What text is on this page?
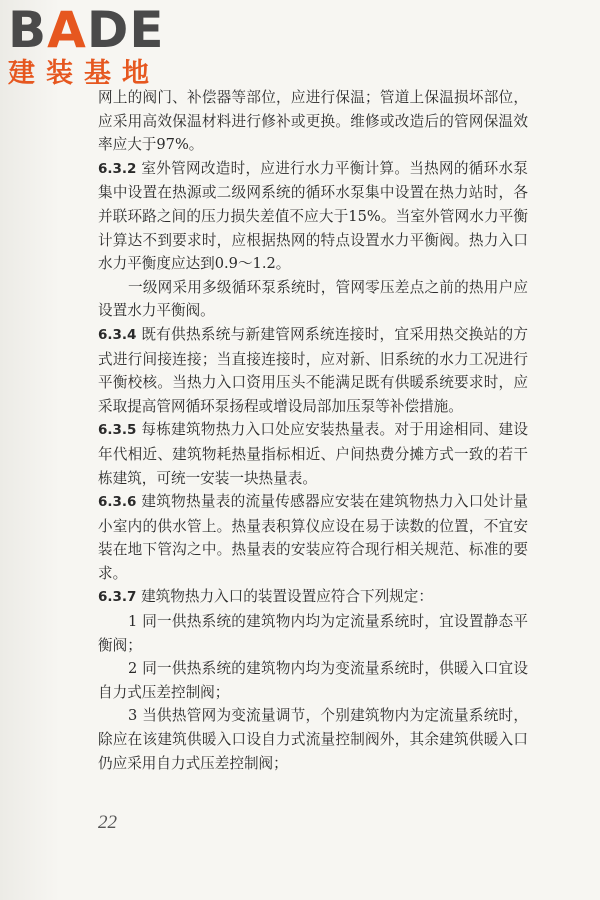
BADE
建装基地

网上的阀门、补偿器等部位，应进行保温；管道上保温损坏部位，应采用高效保温材料进行修补或更换。维修或改造后的管网保温效率应大于97%。

6.3.2 室外管网改造时，应进行水力平衡计算。当热网的循环水泵集中设置在热源或二级网系统的循环水泵集中设置在热力站时，各并联环路之间的压力损失差值不应大于15%。当室外管网水力平衡计算达不到要求时，应根据热网的特点设置水力平衡阀。热力入口水力平衡度应达到0.9～1.2。

一级网采用多级循环泵系统时，管网零压差点之前的热用户应设置水力平衡阀。

6.3.4 既有供热系统与新建管网系统连接时，宜采用热交换站的方式进行间接连接；当直接连接时，应对新、旧系统的水力工况进行平衡校核。当热力入口资用压头不能满足既有供暖系统要求时，应采取提高管网循环泵扬程或增设局部加压泵等补偿措施。

6.3.5 每栋建筑物热力入口处应安装热量表。对于用途相同、建设年代相近、建筑物耗热量指标相近、户间热费分摊方式一致的若干栋建筑，可统一安装一块热量表。

6.3.6 建筑物热量表的流量传感器应安装在建筑物热力入口处计量小室内的供水管上。热量表积算仪应设在易于读数的位置，不宜安装在地下管沟之中。热量表的安装应符合现行相关规范、标准的要求。

6.3.7 建筑物热力入口的装置设置应符合下列规定：

1 同一供热系统的建筑物内均为定流量系统时，宜设置静态平衡阀；

2 同一供热系统的建筑物内均为变流量系统时，供暖入口宜设自力式压差控制阀；

3 当供热管网为变流量调节，个别建筑物内为定流量系统时，除应在该建筑供暖入口设自力式流量控制阀外，其余建筑供暖入口仍应采用自力式压差控制阀；

22
